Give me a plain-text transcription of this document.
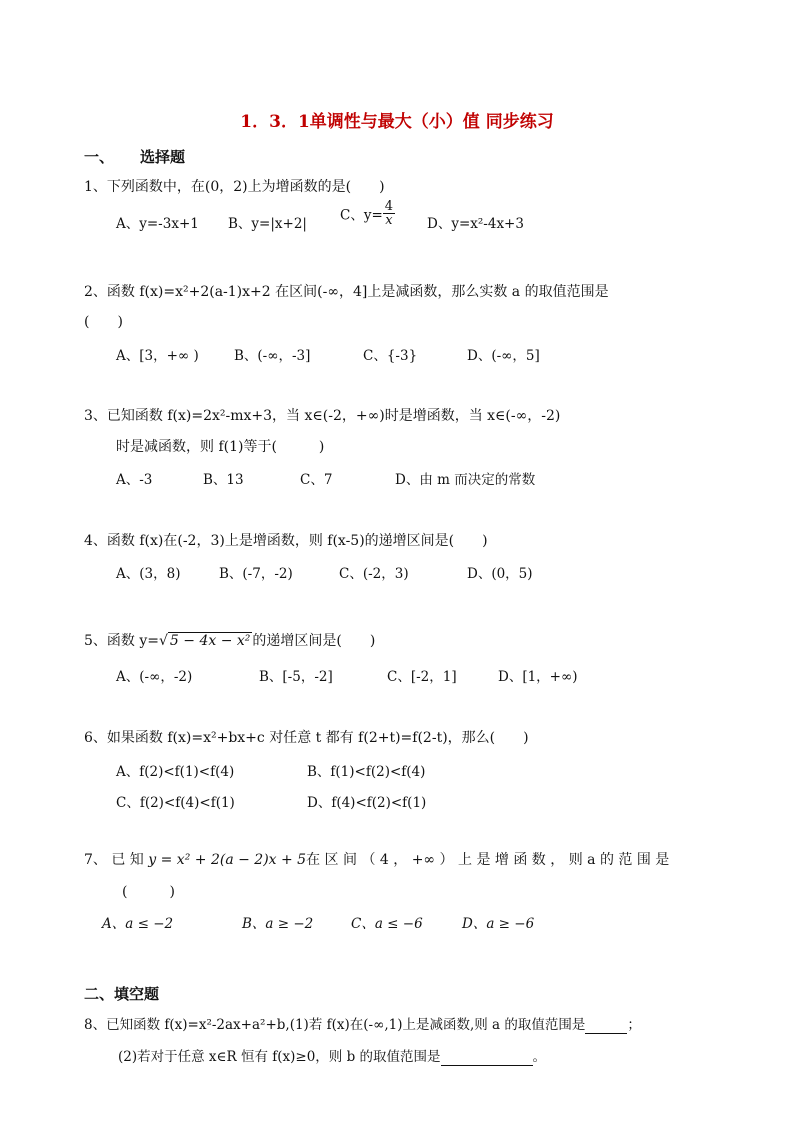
1．3．1单调性与最大（小）值 同步练习
一、 选择题
1、下列函数中，在(0，2)上为增函数的是(　　)
A、y=-3x+1 B、y=|x+2|
C、$y= \frac{4}{x}$ D、y=x²-4x+3
2、函数 f(x)=x²+2(a-1)x+2 在区间(-∞，4]上是减函数，那么实数 a 的取值范围是
(　　)
A、[3，+∞ )	B、(-∞，-3]	C、{-3}	D、(-∞，5]
3、已知函数 f(x)=2x²-mx+3，当 x∈(-2，+∞)时是增函数，当 x∈(-∞，-2)
时是减函数，则 f(1)等于(　　　)
A、-3	B、13	C、7	D、由 m 而决定的常数
4、函数 f(x)在(-2，3)上是增函数，则 f(x-5)的递增区间是(　　)
A、(3，8)	B、(-7，-2)	C、(-2，3)	D、(0，5)
5、函数 y=√ 5 − 4x − x² 的递增区间是(　　)
A、(-∞，-2)	B、[-5，-2]	C、[-2，1]	D、[1，+∞)
6、如果函数 f(x)=x²+bx+c 对任意 t 都有 f(2+t)=f(2-t)，那么(　　)
A、f(2)<f(1)<f(4)	B、f(1)<f(2)<f(4)
C、f(2)<f(4)<f(1)	D、f(4)<f(2)<f(1)
7、 已 知 y = x² + 2(a − 2)x + 5在 区 间 （ 4 ， +∞ ） 上 是 增 函 数 ， 则 a 的 范 围 是
(　　　)
A、a ≤ −2	B、a ≥ −2	C、a ≤ −6	D、a ≥ −6
二、填空题
8、已知函数 f(x)=x²-2ax+a²+b,(1)若 f(x)在(-∞,1)上是减函数,则 a 的取值范围是	；
(2)若对于任意 x∈R 恒有 f(x)≥0，则 b 的取值范围是	。
